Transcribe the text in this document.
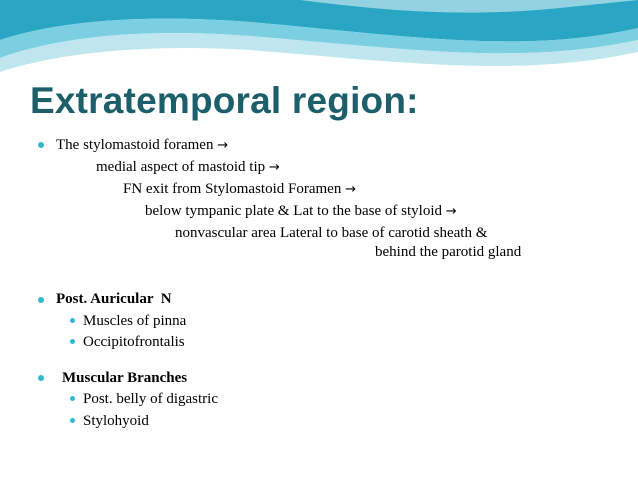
Extratemporal region:
The stylomastoid foramen →
medial aspect of mastoid tip →
FN exit from Stylomastoid Foramen →
below tympanic plate & Lat to the base of styloid →
nonvascular area Lateral to base of carotid sheath &
behind the parotid gland
Post. Auricular  N
Muscles of pinna
Occipitofrontalis
Muscular Branches
Post. belly of digastric
Stylohyoid
